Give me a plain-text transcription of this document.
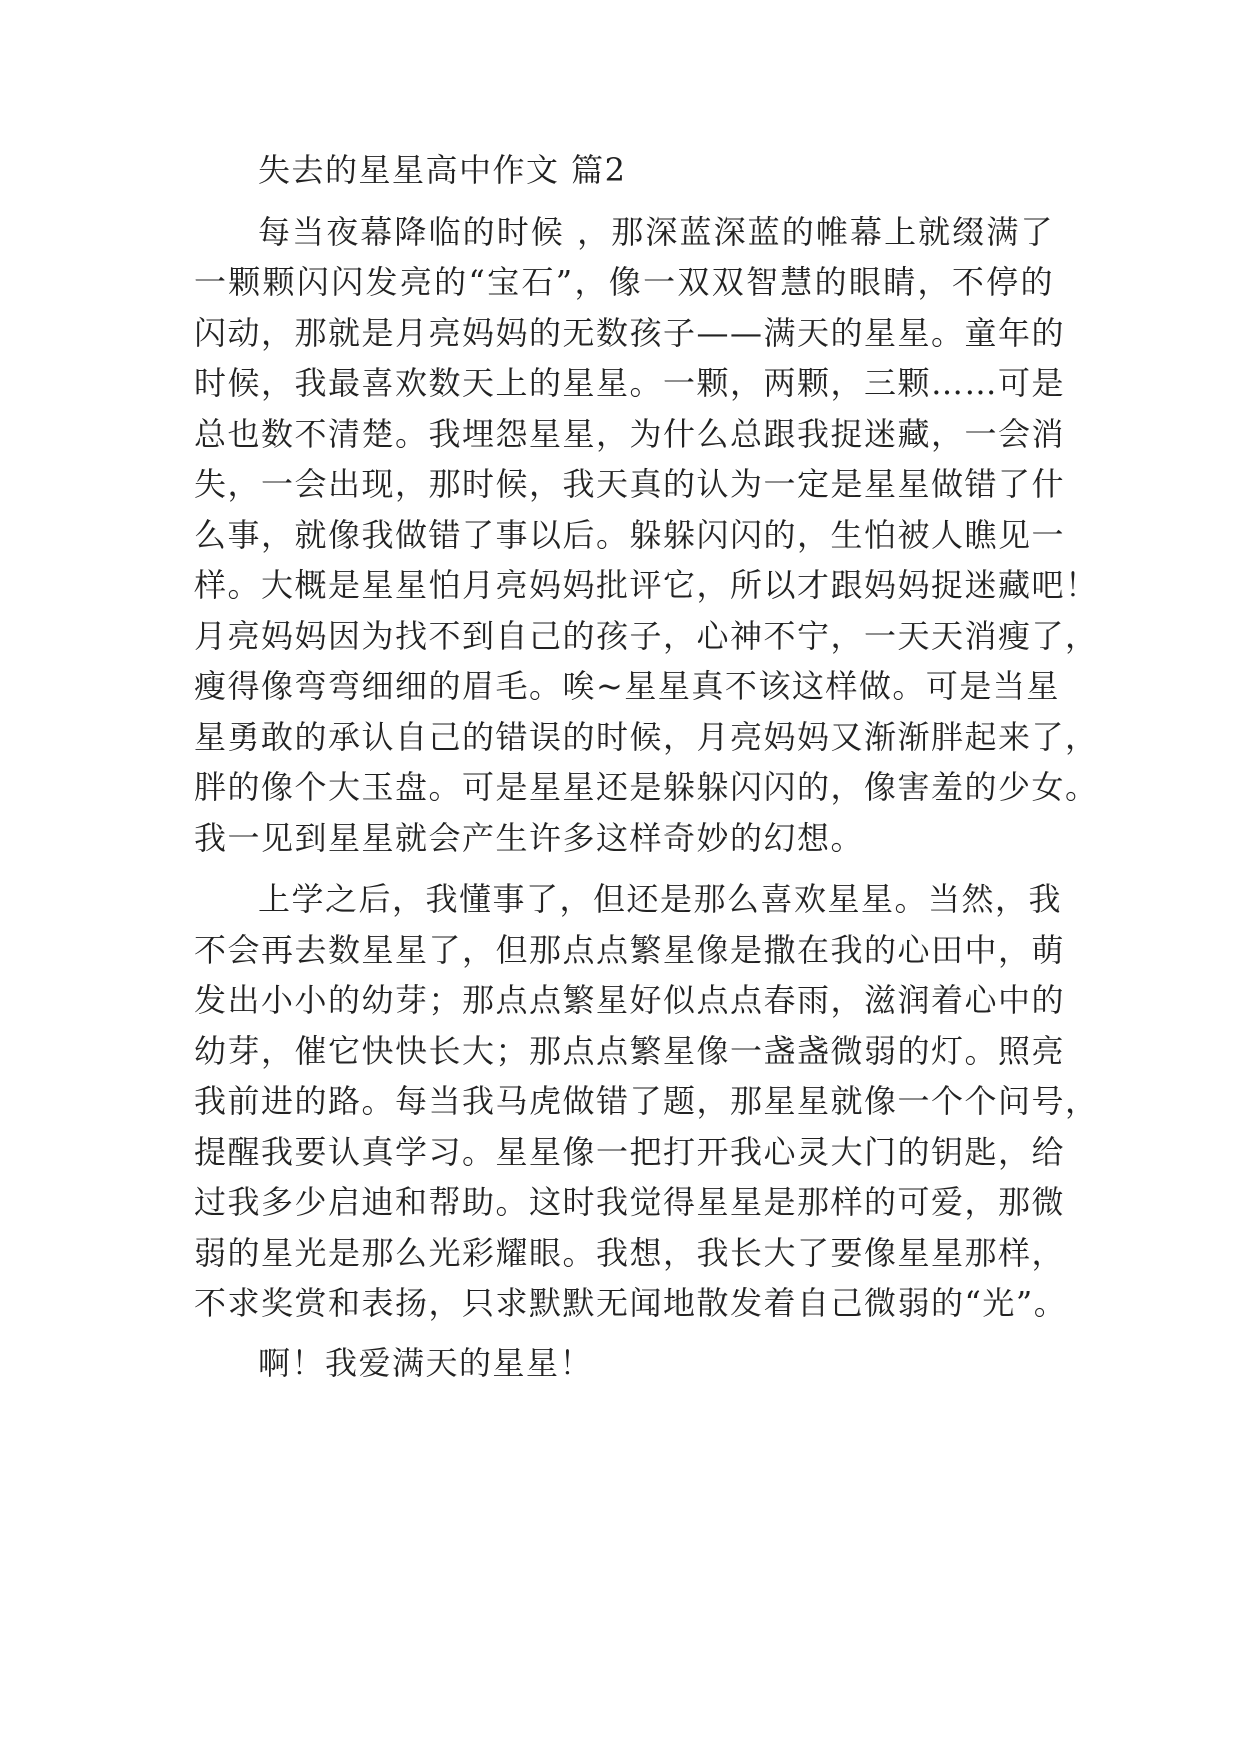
失去的星星高中作文 篇2
每当夜幕降临的时候 ，那深蓝深蓝的帷幕上就缀满了
一颗颗闪闪发亮的“宝石”，像一双双智慧的眼睛，不停的
闪动，那就是月亮妈妈的无数孩子——满天的星星。童年的
时候，我最喜欢数天上的星星。一颗，两颗，三颗……可是
总也数不清楚。我埋怨星星，为什么总跟我捉迷藏，一会消
失，一会出现，那时候，我天真的认为一定是星星做错了什
么事，就像我做错了事以后。躲躲闪闪的，生怕被人瞧见一
样。大概是星星怕月亮妈妈批评它，所以才跟妈妈捉迷藏吧！
月亮妈妈因为找不到自己的孩子，心神不宁，一天天消瘦了，
瘦得像弯弯细细的眉毛。唉~星星真不该这样做。可是当星
星勇敢的承认自己的错误的时候，月亮妈妈又渐渐胖起来了，
胖的像个大玉盘。可是星星还是躲躲闪闪的，像害羞的少女。
我一见到星星就会产生许多这样奇妙的幻想。
上学之后，我懂事了，但还是那么喜欢星星。当然，我
不会再去数星星了，但那点点繁星像是撒在我的心田中，萌
发出小小的幼芽；那点点繁星好似点点春雨，滋润着心中的
幼芽，催它快快长大；那点点繁星像一盏盏微弱的灯。照亮
我前进的路。每当我马虎做错了题，那星星就像一个个问号，
提醒我要认真学习。星星像一把打开我心灵大门的钥匙，给
过我多少启迪和帮助。这时我觉得星星是那样的可爱，那微
弱的星光是那么光彩耀眼。我想，我长大了要像星星那样，
不求奖赏和表扬，只求默默无闻地散发着自己微弱的“光”。
啊！我爱满天的星星！
